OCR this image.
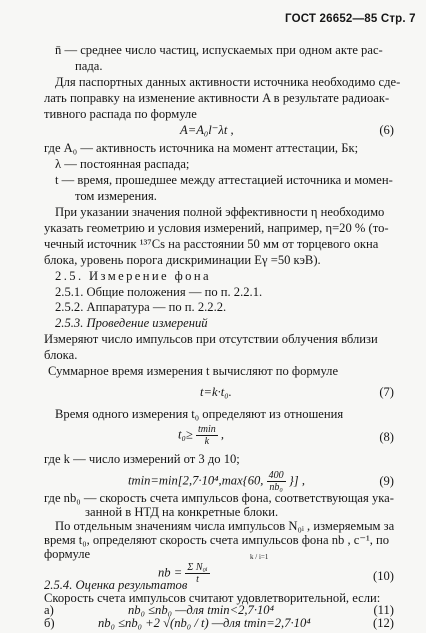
ГОСТ 26652—85 Стр. 7
n̄ — среднее число частиц, испускаемых при одном акте рас-
пада.
Для паспортных данных активности источника необходимо сде-
лать поправку на изменение активности A в результате радиоак-
тивного распада по формуле
A=A₀l⁻λt ,	(6)
где A₀ — активность источника на момент аттестации, Бк;
λ — постоянная распада;
t — время, прошедшее между аттестацией источника и момен-
том измерения.
При указании значения полной эффективности η необходимо
указать геометрию и условия измерений, например, η=20 % (то-
чечный источник ¹³⁷Cs на расстоянии 50 мм от торцевого окна
блока, уровень порога дискриминации Eγ =50 кэВ).
2.5. Измерение фона
2.5.1. Общие положения — по п. 2.2.1.
2.5.2. Аппаратура — по п. 2.2.2.
2.5.3. Проведение измерений
Измеряют число импульсов при отсутствии облучения вблизи
блока.
Суммарное время измерения t вычисляют по формуле
t=k·t₀.	(7)
Время одного измерения t₀ определяют из отношения
$t_0\ge \frac{tmin}{k}$ ,	(8)
где k — число измерений от 3 до 10;
tmin=min[2,7·10⁴,max{60, $\frac{400}{\text{nb₀}}$ }] ,	(9)
где nb₀ — скорость счета импульсов фона, соответствующая ука-
занной в НТД на конкретные блоки.
По отдельным значениям числа импульсов N₀ᵢ , измеряемым за
время t₀, определяют скорость счета импульсов фона nb , с⁻¹, по
формуле
nb = $\frac{\text{Σ N₀ᵢ}}{t}$
k / i=1
(10)
2.5.4. Оценка результатов
Скорость счета импульсов считают удовлетворительной, если:
а)	nb₀ ≤nb₀ —для tmin<2,7·10⁴	(11)
б)	nb₀ ≤nb₀ +2 √(nb₀ / t) —для tmin=2,7·10⁴	(12)
